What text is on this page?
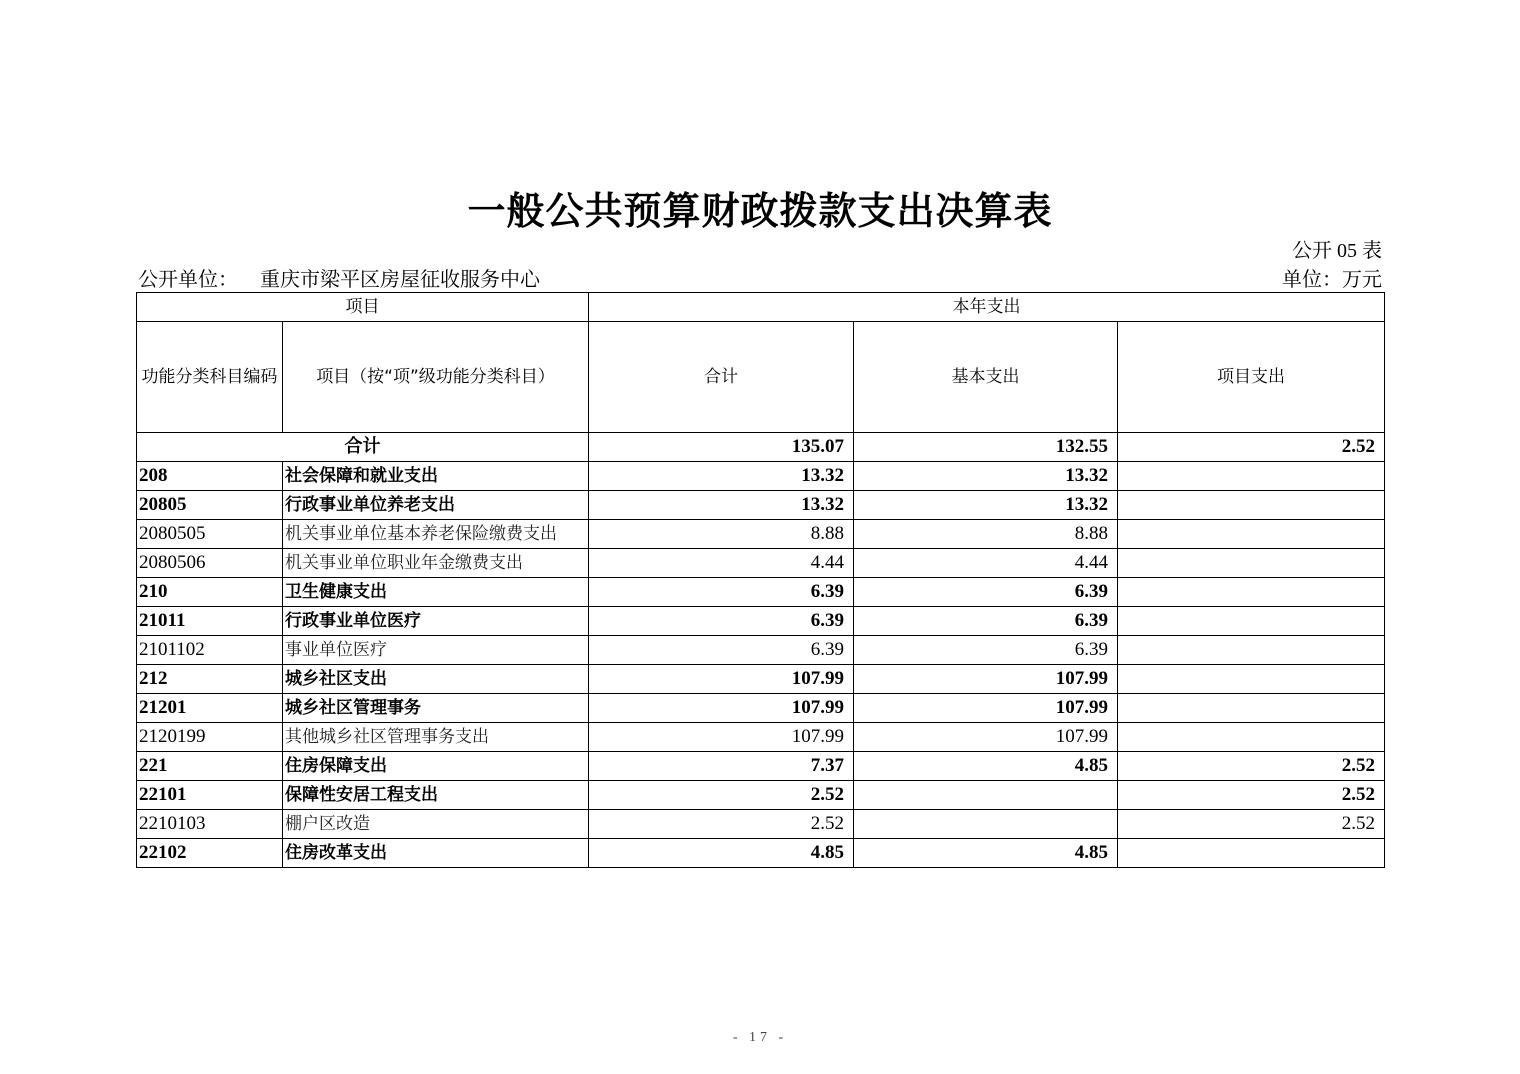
一般公共预算财政拨款支出决算表
公开 05 表
公开单位： 重庆市梁平区房屋征收服务中心	单位：万元
项目		本年支出		
功能分类科目编码	项目（按“项”级功能分类科目）	合计	基本支出	项目支出
合计		135.07	132.55	2.52
208	社会保障和就业支出	13.32	13.32	
20805	行政事业单位养老支出	13.32	13.32	
2080505	机关事业单位基本养老保险缴费支出	8.88	8.88	
2080506	机关事业单位职业年金缴费支出	4.44	4.44	
210	卫生健康支出	6.39	6.39	
21011	行政事业单位医疗	6.39	6.39	
2101102	事业单位医疗	6.39	6.39	
212	城乡社区支出	107.99	107.99	
21201	城乡社区管理事务	107.99	107.99	
2120199	其他城乡社区管理事务支出	107.99	107.99	
221	住房保障支出	7.37	4.85	2.52
22101	保障性安居工程支出	2.52		2.52
2210103	棚户区改造	2.52		2.52
22102	住房改革支出	4.85	4.85	
- 17 -
